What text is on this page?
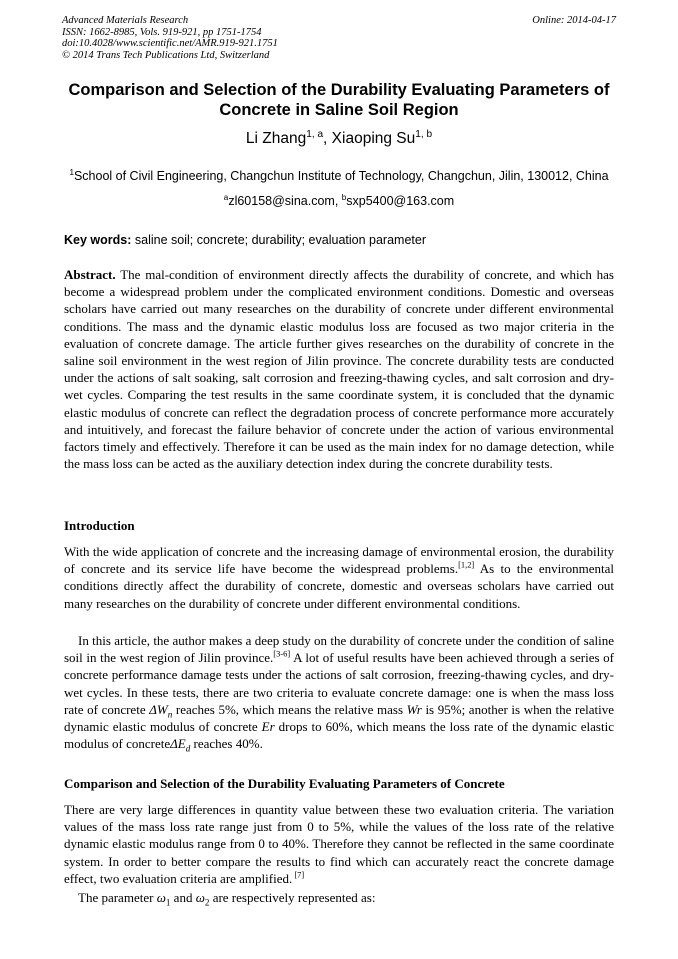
Advanced Materials Research
ISSN: 1662-8985, Vols. 919-921, pp 1751-1754
doi:10.4028/www.scientific.net/AMR.919-921.1751
© 2014 Trans Tech Publications Ltd, Switzerland
Online: 2014-04-17
Comparison and Selection of the Durability Evaluating Parameters of Concrete in Saline Soil Region
Li Zhang$^{1, a}$, Xiaoping Su$^{1, b}$
$^1$School of Civil Engineering, Changchun Institute of Technology, Changchun, Jilin, 130012, China
$^a$zl60158@sina.com, $^b$sxp5400@163.com
Key words: saline soil; concrete; durability; evaluation parameter
Abstract. The mal-condition of environment directly affects the durability of concrete, and which has become a widespread problem under the complicated environment conditions. Domestic and overseas scholars have carried out many researches on the durability of concrete under different environmental conditions. The mass and the dynamic elastic modulus loss are focused as two major criteria in the evaluation of concrete damage. The article further gives researches on the durability of concrete in the saline soil environment in the west region of Jilin province. The concrete durability tests are conducted under the actions of salt soaking, salt corrosion and freezing-thawing cycles, and salt corrosion and dry-wet cycles. Comparing the test results in the same coordinate system, it is concluded that the dynamic elastic modulus of concrete can reflect the degradation process of concrete performance more accurately and intuitively, and forecast the failure behavior of concrete under the action of various environmental factors timely and effectively. Therefore it can be used as the main index for no damage detection, while the mass loss can be acted as the auxiliary detection index during the concrete durability tests.
Introduction
With the wide application of concrete and the increasing damage of environmental erosion, the durability of concrete and its service life have become the widespread problems.[1,2] As to the environmental conditions directly affect the durability of concrete, domestic and overseas scholars have carried out many researches on the durability of concrete under different environmental conditions.
In this article, the author makes a deep study on the durability of concrete under the condition of saline soil in the west region of Jilin province.[3-6] A lot of useful results have been achieved through a series of concrete performance damage tests under the actions of salt corrosion, freezing-thawing cycles, and dry-wet cycles. In these tests, there are two criteria to evaluate concrete damage: one is when the mass loss rate of concrete $\Delta W_n$ reaches 5%, which means the relative mass Wr is 95%; another is when the relative dynamic elastic modulus of concrete Er drops to 60%, which means the loss rate of the dynamic elastic modulus of concreteΔE$_d$ reaches 40%.
Comparison and Selection of the Durability Evaluating Parameters of Concrete
There are very large differences in quantity value between these two evaluation criteria. The variation values of the mass loss rate range just from 0 to 5%, while the values of the loss rate of the relative dynamic elastic modulus range from 0 to 40%. Therefore they cannot be reflected in the same coordinate system. In order to better compare the results to find which can accurately react the concrete damage effect, two evaluation criteria are amplified. [7]
The parameter $\omega_1$ and $\omega_2$ are respectively represented as:
